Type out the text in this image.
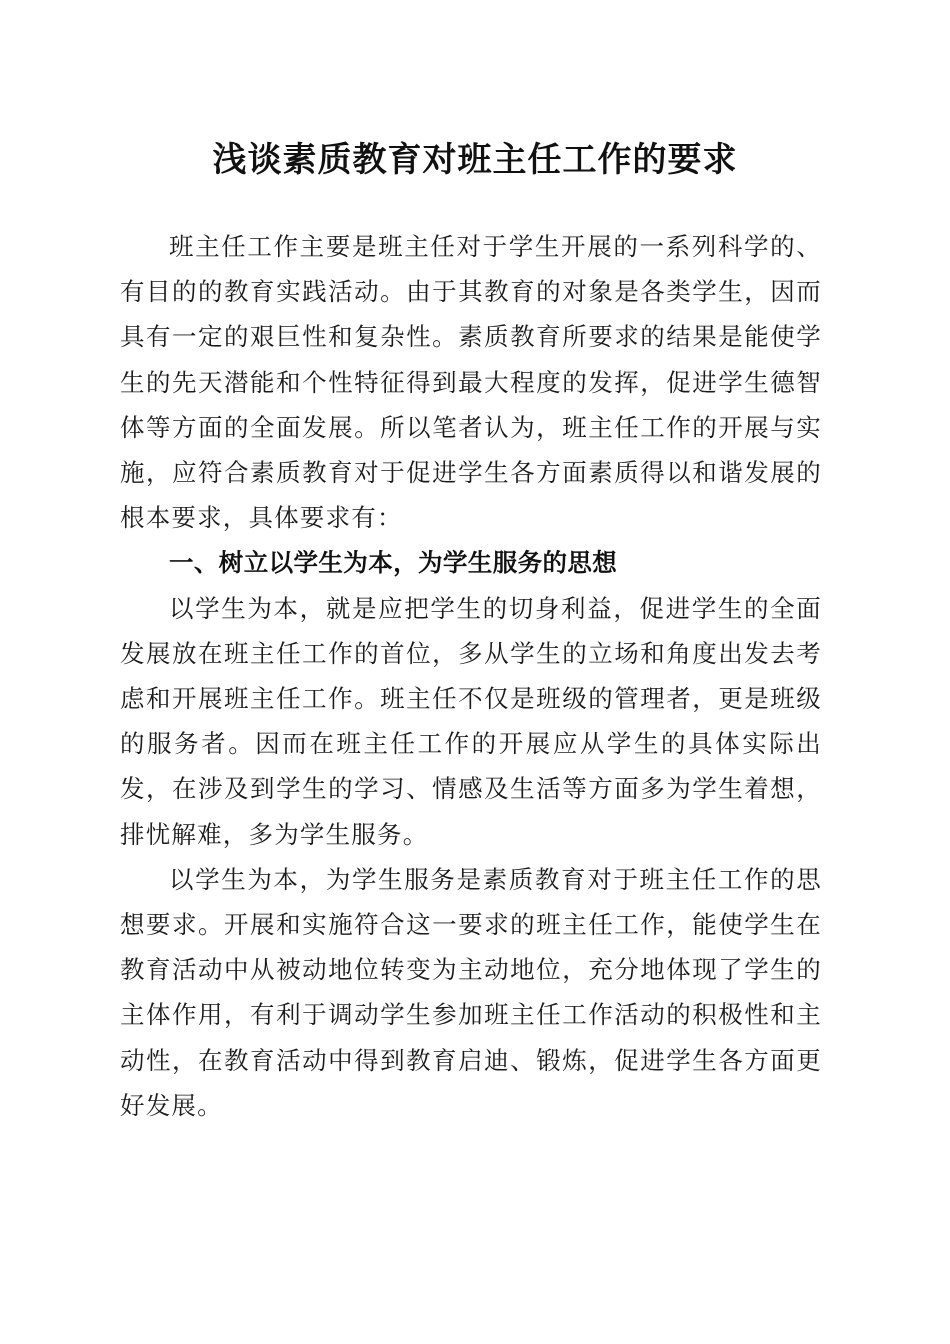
浅谈素质教育对班主任工作的要求

班主任工作主要是班主任对于学生开展的一系列科学的、有目的的教育实践活动。由于其教育的对象是各类学生，因而具有一定的艰巨性和复杂性。素质教育所要求的结果是能使学生的先天潜能和个性特征得到最大程度的发挥，促进学生德智体等方面的全面发展。所以笔者认为，班主任工作的开展与实施，应符合素质教育对于促进学生各方面素质得以和谐发展的根本要求，具体要求有：

一、树立以学生为本，为学生服务的思想

以学生为本，就是应把学生的切身利益，促进学生的全面发展放在班主任工作的首位，多从学生的立场和角度出发去考虑和开展班主任工作。班主任不仅是班级的管理者，更是班级的服务者。因而在班主任工作的开展应从学生的具体实际出发，在涉及到学生的学习、情感及生活等方面多为学生着想，排忧解难，多为学生服务。

以学生为本，为学生服务是素质教育对于班主任工作的思想要求。开展和实施符合这一要求的班主任工作，能使学生在教育活动中从被动地位转变为主动地位，充分地体现了学生的主体作用，有利于调动学生参加班主任工作活动的积极性和主动性，在教育活动中得到教育启迪、锻炼，促进学生各方面更好发展。
